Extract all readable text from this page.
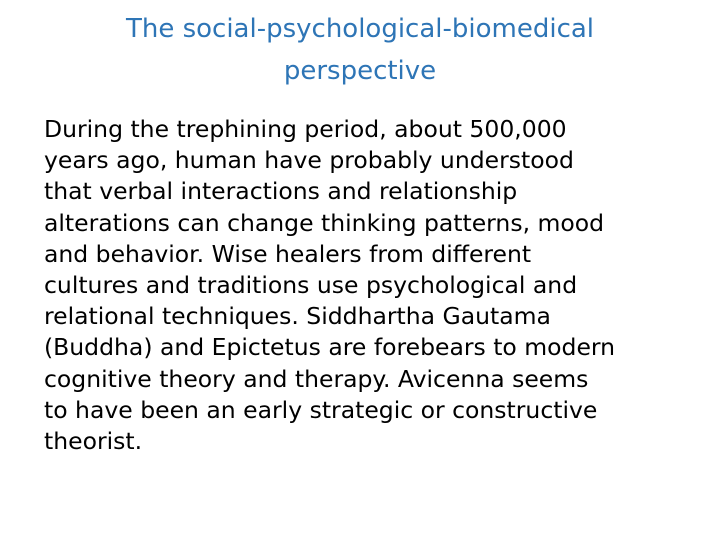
The social-psychological-biomedical
perspective

During the trephining period, about 500,000
years ago, human have probably understood
that verbal interactions and relationship
alterations can change thinking patterns, mood
and behavior. Wise healers from different
cultures and traditions use psychological and
relational techniques. Siddhartha Gautama
(Buddha) and Epictetus are forebears to modern
cognitive theory and therapy. Avicenna seems
to have been an early strategic or constructive
theorist.
